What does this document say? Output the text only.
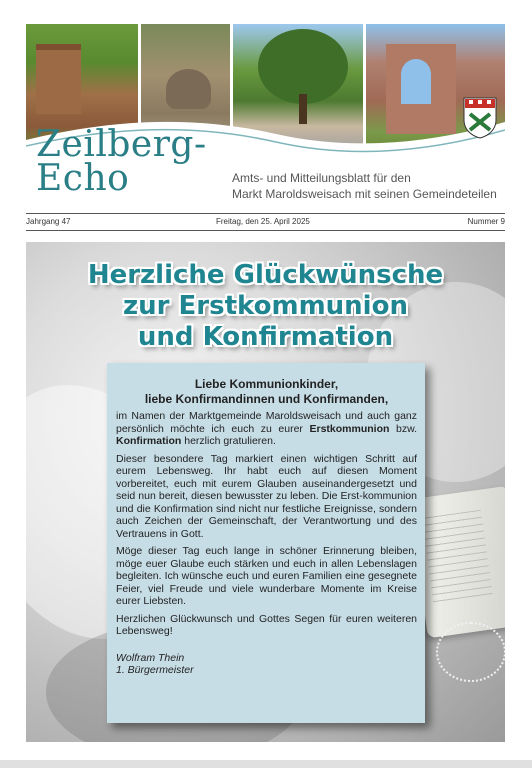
Zeilberg-
Echo	Amts- und Mitteilungsblatt für den
Markt Maroldsweisach mit seinen Gemeindeteilen
Jahrgang 47	Freitag, den 25. April 2025	Nummer 9
Herzliche Glückwünsche
zur Erstkommunion
und Konfirmation
Liebe Kommunionkinder,
liebe Konfirmandinnen und Konfirmanden,

im Namen der Marktgemeinde Maroldsweisach und auch ganz persönlich möchte ich euch zu eurer Erstkommunion bzw. Konfirmation herzlich gratulieren.

Dieser besondere Tag markiert einen wichtigen Schritt auf eurem Lebensweg. Ihr habt euch auf diesen Moment vorbereitet, euch mit eurem Glauben auseinandergesetzt und seid nun bereit, diesen bewusster zu leben. Die Erst-kommunion und die Konfirmation sind nicht nur festliche Ereignisse, sondern auch Zeichen der Gemeinschaft, der Verantwortung und des Vertrauens in Gott.

Möge dieser Tag euch lange in schöner Erinnerung bleiben, möge euer Glaube euch stärken und euch in allen Lebenslagen begleiten. Ich wünsche euch und euren Familien eine gesegnete Feier, viel Freude und viele wunderbare Momente im Kreise eurer Liebsten.

Herzlichen Glückwunsch und Gottes Segen für euren weiteren Lebensweg!

Wolfram Thein
1. Bürgermeister
